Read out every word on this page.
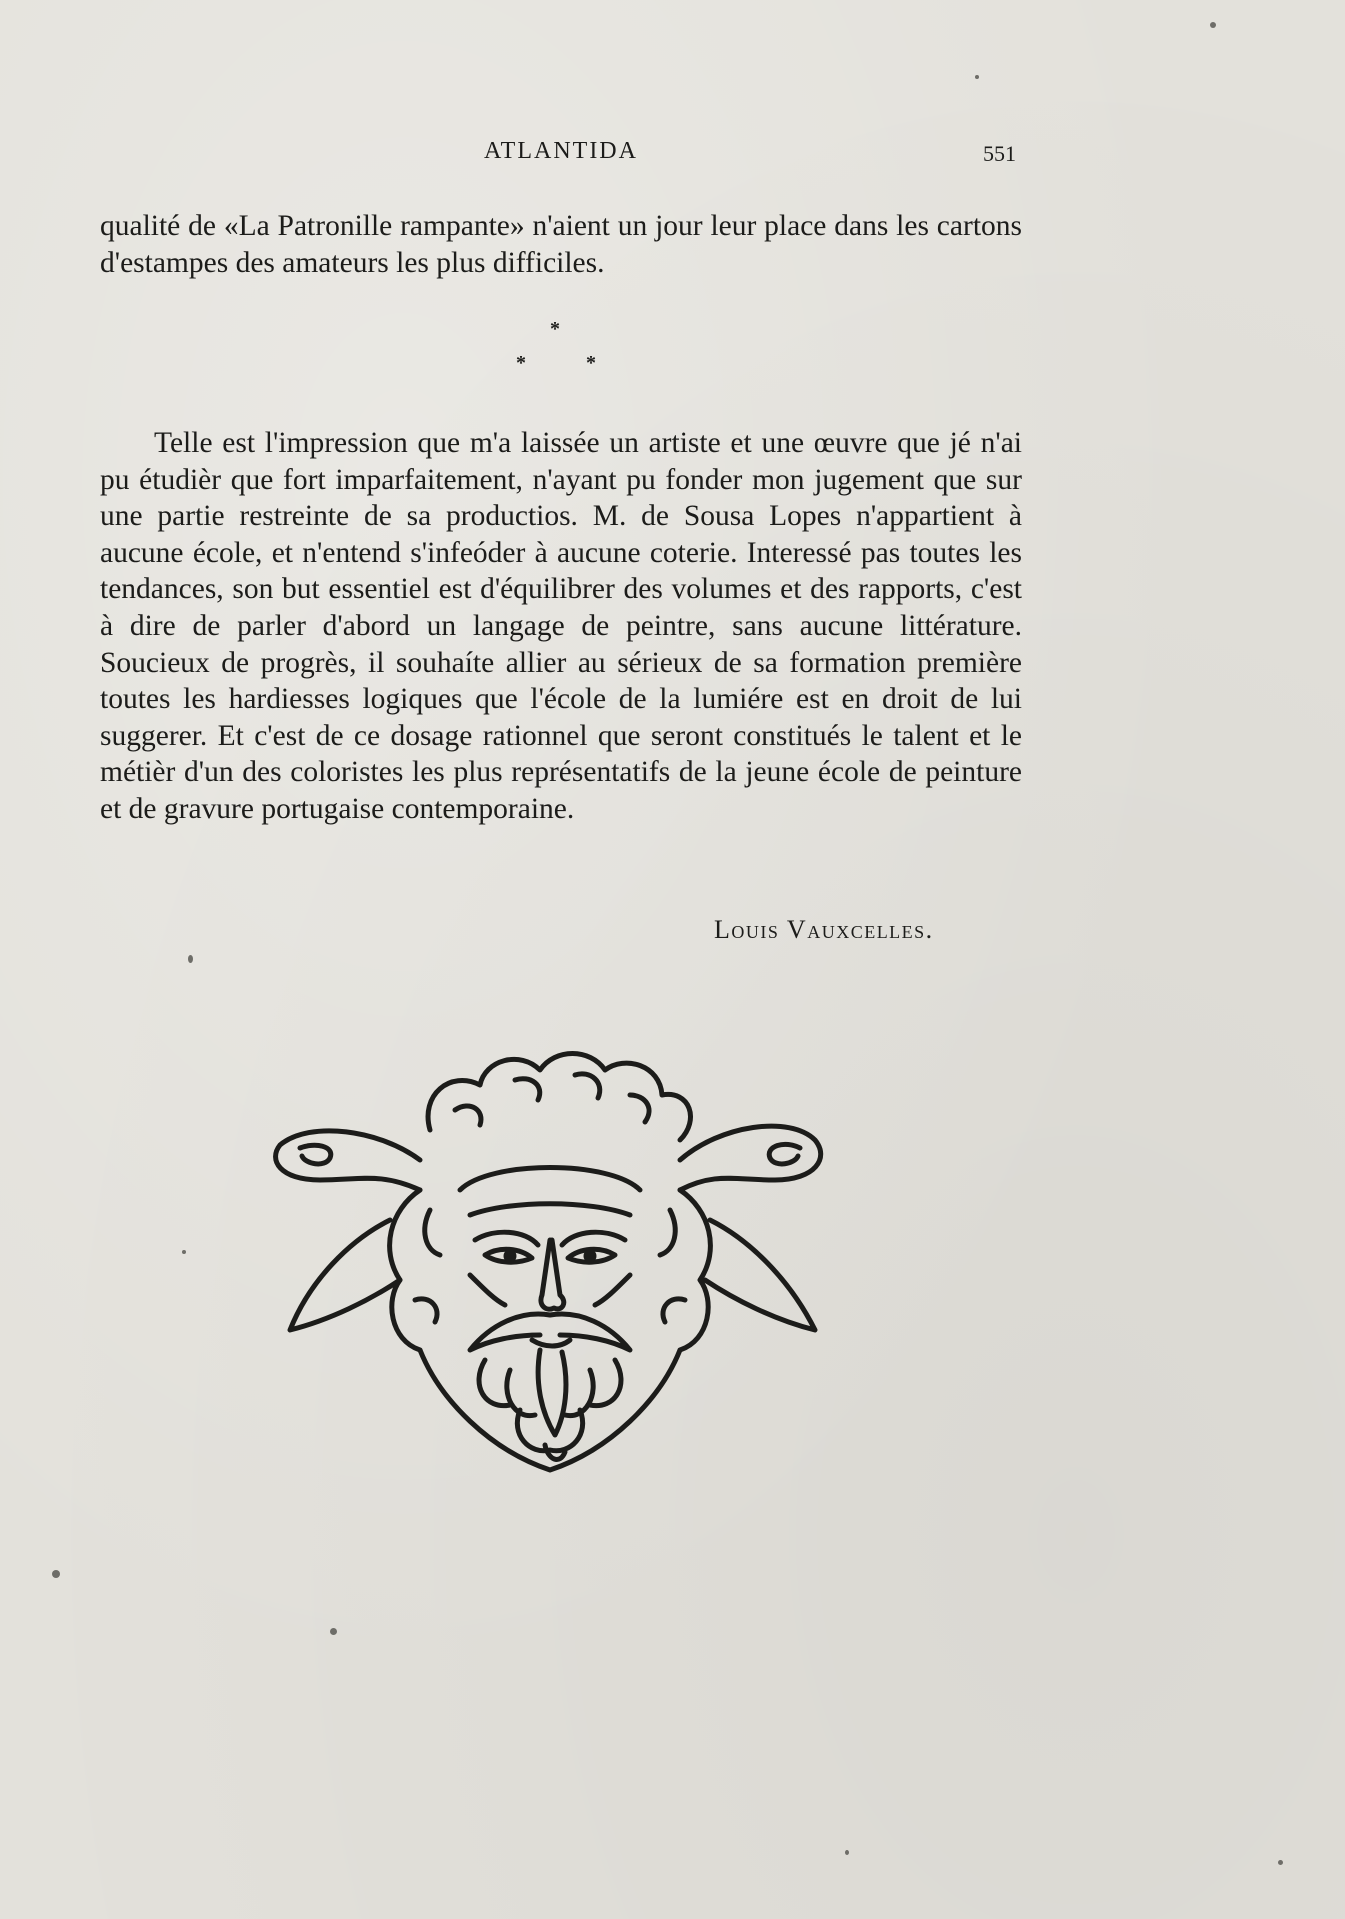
ATLANTIDA	551

qualité de «La Patronille rampante» n'aient un jour leur place dans les cartons d'estampes des amateurs les plus difficiles.

*
*	*

Telle est l'impression que m'a laissée un artiste et une œuvre que jé n'ai pu étudièr que fort imparfaitement, n'ayant pu fonder mon jugement que sur une partie restreinte de sa productios. M. de Sousa Lopes n'appartient à aucune école, et n'entend s'infeóder à aucune coterie. Interessé pas toutes les tendances, son but essentiel est d'équilibrer des volumes et des rapports, c'est à dire de parler d'abord un langage de peintre, sans aucune littérature. Soucieux de progrès, il souhaíte allier au sérieux de sa formation première toutes les hardiesses logiques que l'école de la lumiére est en droit de lui suggerer. Et c'est de ce dosage rationnel que seront constitués le talent et le métièr d'un des coloristes les plus représentatifs de la jeune école de peinture et de gravure portugaise contemporaine.

Louis Vauxcelles.
